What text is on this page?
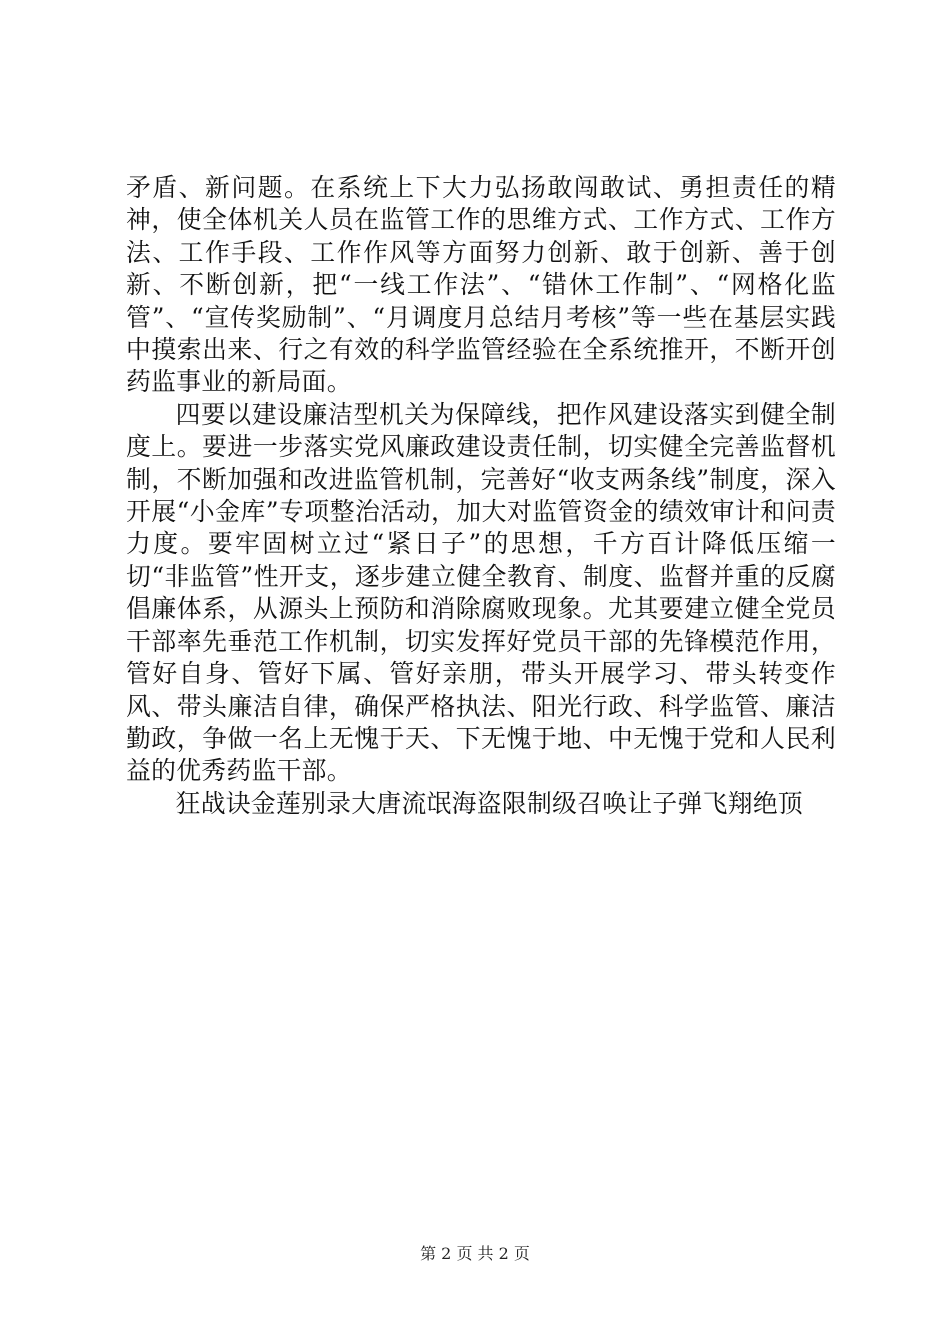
矛盾、新问题。在系统上下大力弘扬敢闯敢试、勇担责任的精神，使全体机关人员在监管工作的思维方式、工作方式、工作方法、工作手段、工作作风等方面努力创新、敢于创新、善于创新、不断创新，把“一线工作法”、“错休工作制”、“网格化监管”、“宣传奖励制”、“月调度月总结月考核”等一些在基层实践中摸索出来、行之有效的科学监管经验在全系统推开，不断开创药监事业的新局面。

四要以建设廉洁型机关为保障线，把作风建设落实到健全制度上。要进一步落实党风廉政建设责任制，切实健全完善监督机制，不断加强和改进监管机制，完善好“收支两条线”制度，深入开展“小金库”专项整治活动，加大对监管资金的绩效审计和问责力度。要牢固树立过“紧日子”的思想，千方百计降低压缩一切“非监管”性开支，逐步建立健全教育、制度、监督并重的反腐倡廉体系，从源头上预防和消除腐败现象。尤其要建立健全党员干部率先垂范工作机制，切实发挥好党员干部的先锋模范作用，管好自身、管好下属、管好亲朋，带头开展学习、带头转变作风、带头廉洁自律，确保严格执法、阳光行政、科学监管、廉洁勤政，争做一名上无愧于天、下无愧于地、中无愧于党和人民利益的优秀药监干部。

狂战诀金莲别录大唐流氓海盗限制级召唤让子弹飞翔绝顶

第 2 页 共 2 页
